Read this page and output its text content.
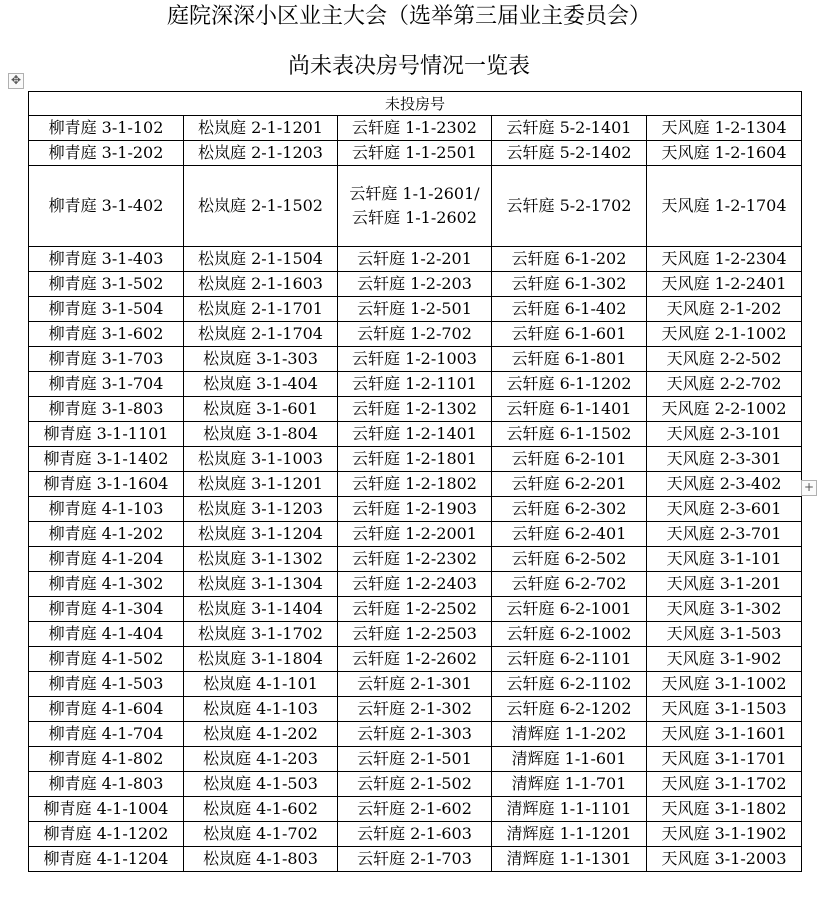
庭院深深小区业主大会（选举第三届业主委员会）
尚未表决房号情况一览表
✥
未投房号				
柳青庭 3-1-102	松岚庭 2-1-1201	云轩庭 1-1-2302	云轩庭 5-2-1401	天风庭 1-2-1304
柳青庭 3-1-202	松岚庭 2-1-1203	云轩庭 1-1-2501	云轩庭 5-2-1402	天风庭 1-2-1604
柳青庭 3-1-402	松岚庭 2-1-1502	云轩庭 1-1-2601/云轩庭 1-1-2602	云轩庭 5-2-1702	天风庭 1-2-1704
柳青庭 3-1-403	松岚庭 2-1-1504	云轩庭 1-2-201	云轩庭 6-1-202	天风庭 1-2-2304
柳青庭 3-1-502	松岚庭 2-1-1603	云轩庭 1-2-203	云轩庭 6-1-302	天风庭 1-2-2401
柳青庭 3-1-504	松岚庭 2-1-1701	云轩庭 1-2-501	云轩庭 6-1-402	天风庭 2-1-202
柳青庭 3-1-602	松岚庭 2-1-1704	云轩庭 1-2-702	云轩庭 6-1-601	天风庭 2-1-1002
柳青庭 3-1-703	松岚庭 3-1-303	云轩庭 1-2-1003	云轩庭 6-1-801	天风庭 2-2-502
柳青庭 3-1-704	松岚庭 3-1-404	云轩庭 1-2-1101	云轩庭 6-1-1202	天风庭 2-2-702
柳青庭 3-1-803	松岚庭 3-1-601	云轩庭 1-2-1302	云轩庭 6-1-1401	天风庭 2-2-1002
柳青庭 3-1-1101	松岚庭 3-1-804	云轩庭 1-2-1401	云轩庭 6-1-1502	天风庭 2-3-101
柳青庭 3-1-1402	松岚庭 3-1-1003	云轩庭 1-2-1801	云轩庭 6-2-101	天风庭 2-3-301
柳青庭 3-1-1604	松岚庭 3-1-1201	云轩庭 1-2-1802	云轩庭 6-2-201	天风庭 2-3-402
柳青庭 4-1-103	松岚庭 3-1-1203	云轩庭 1-2-1903	云轩庭 6-2-302	天风庭 2-3-601
柳青庭 4-1-202	松岚庭 3-1-1204	云轩庭 1-2-2001	云轩庭 6-2-401	天风庭 2-3-701
柳青庭 4-1-204	松岚庭 3-1-1302	云轩庭 1-2-2302	云轩庭 6-2-502	天风庭 3-1-101
柳青庭 4-1-302	松岚庭 3-1-1304	云轩庭 1-2-2403	云轩庭 6-2-702	天风庭 3-1-201
柳青庭 4-1-304	松岚庭 3-1-1404	云轩庭 1-2-2502	云轩庭 6-2-1001	天风庭 3-1-302
柳青庭 4-1-404	松岚庭 3-1-1702	云轩庭 1-2-2503	云轩庭 6-2-1002	天风庭 3-1-503
柳青庭 4-1-502	松岚庭 3-1-1804	云轩庭 1-2-2602	云轩庭 6-2-1101	天风庭 3-1-902
柳青庭 4-1-503	松岚庭 4-1-101	云轩庭 2-1-301	云轩庭 6-2-1102	天风庭 3-1-1002
柳青庭 4-1-604	松岚庭 4-1-103	云轩庭 2-1-302	云轩庭 6-2-1202	天风庭 3-1-1503
柳青庭 4-1-704	松岚庭 4-1-202	云轩庭 2-1-303	清辉庭 1-1-202	天风庭 3-1-1601
柳青庭 4-1-802	松岚庭 4-1-203	云轩庭 2-1-501	清辉庭 1-1-601	天风庭 3-1-1701
柳青庭 4-1-803	松岚庭 4-1-503	云轩庭 2-1-502	清辉庭 1-1-701	天风庭 3-1-1702
柳青庭 4-1-1004	松岚庭 4-1-602	云轩庭 2-1-602	清辉庭 1-1-1101	天风庭 3-1-1802
柳青庭 4-1-1202	松岚庭 4-1-702	云轩庭 2-1-603	清辉庭 1-1-1201	天风庭 3-1-1902
柳青庭 4-1-1204	松岚庭 4-1-803	云轩庭 2-1-703	清辉庭 1-1-1301	天风庭 3-1-2003
+
